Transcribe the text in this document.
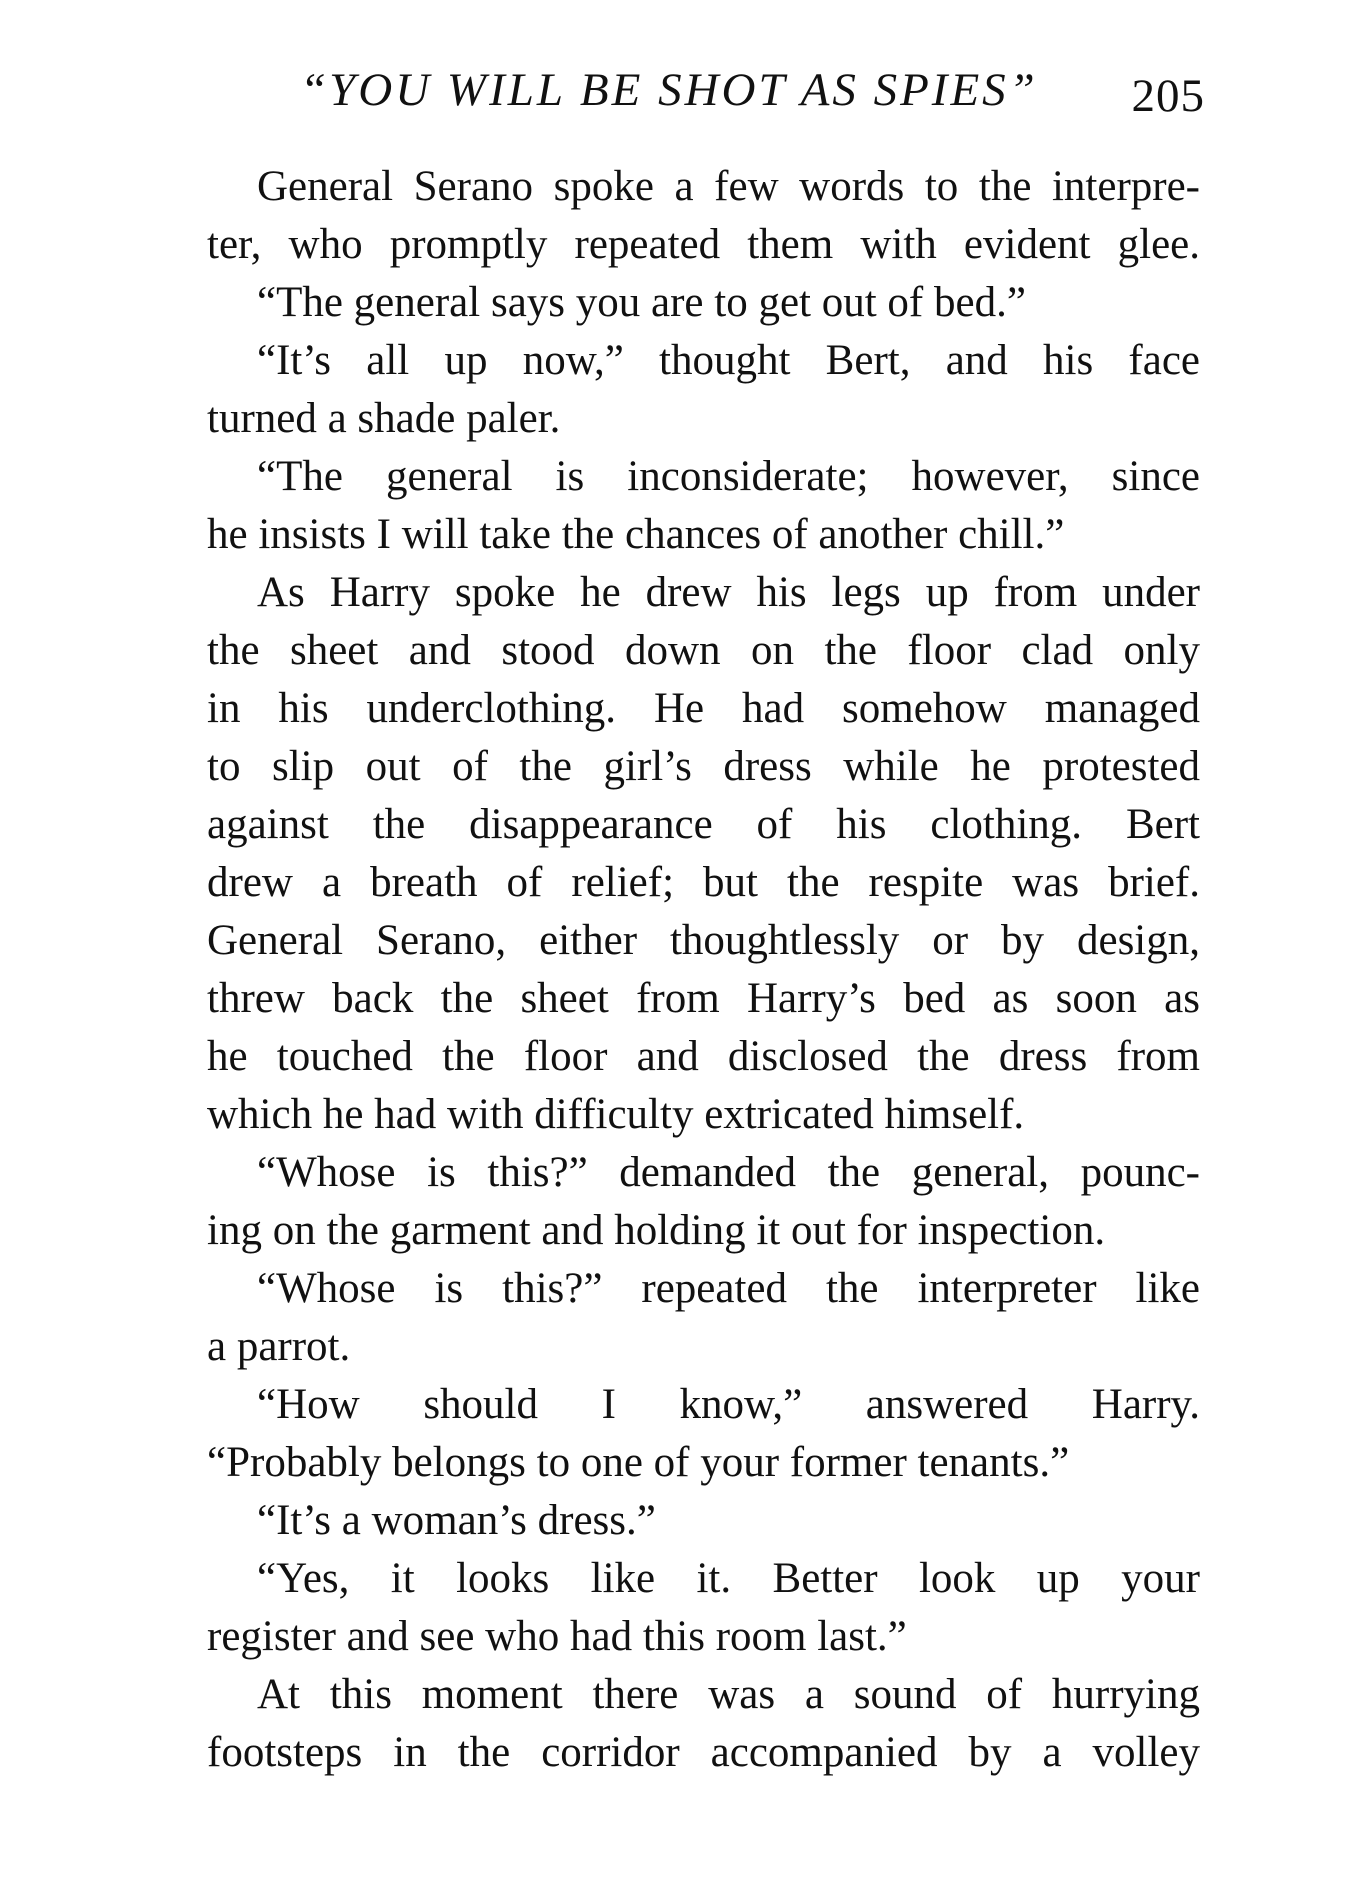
“YOU WILL BE SHOT AS SPIES” 205
General Serano spoke a few words to the interpre-
ter, who promptly repeated them with evident glee.
“The general says you are to get out of bed.”
“It’s all up now,” thought Bert, and his face
turned a shade paler.
“The general is inconsiderate; however, since
he insists I will take the chances of another chill.”
As Harry spoke he drew his legs up from under
the sheet and stood down on the floor clad only
in his underclothing. He had somehow managed
to slip out of the girl’s dress while he protested
against the disappearance of his clothing. Bert
drew a breath of relief; but the respite was brief.
General Serano, either thoughtlessly or by design,
threw back the sheet from Harry’s bed as soon as
he touched the floor and disclosed the dress from
which he had with difficulty extricated himself.
“Whose is this?” demanded the general, pounc-
ing on the garment and holding it out for inspection.
“Whose is this?” repeated the interpreter like
a parrot.
“How should I know,” answered Harry.
“Probably belongs to one of your former tenants.”
“It’s a woman’s dress.”
“Yes, it looks like it. Better look up your
register and see who had this room last.”
At this moment there was a sound of hurrying
footsteps in the corridor accompanied by a volley
